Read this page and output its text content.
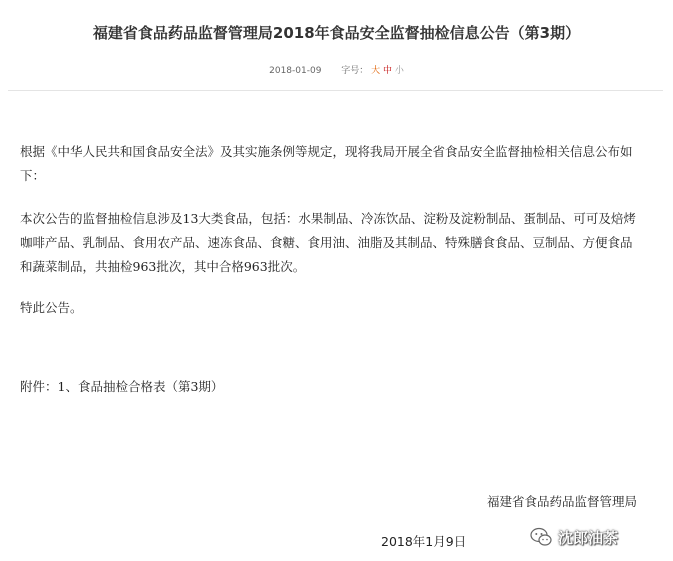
福建省食品药品监督管理局2018年食品安全监督抽检信息公告（第3期）
2018-01-09 字号： 大 中 小

根据《中华人民共和国食品安全法》及其实施条例等规定，现将我局开展全省食品安全监督抽检相关信息公布如下：

本次公告的监督抽检信息涉及13大类食品，包括：水果制品、冷冻饮品、淀粉及淀粉制品、蛋制品、可可及焙烤咖啡产品、乳制品、食用农产品、速冻食品、食糖、食用油、油脂及其制品、特殊膳食食品、豆制品、方便食品和蔬菜制品，共抽检963批次，其中合格963批次。

特此公告。

附件：1、食品抽检合格表（第3期）

福建省食品药品监督管理局
2018年1月9日	沈郎油茶
